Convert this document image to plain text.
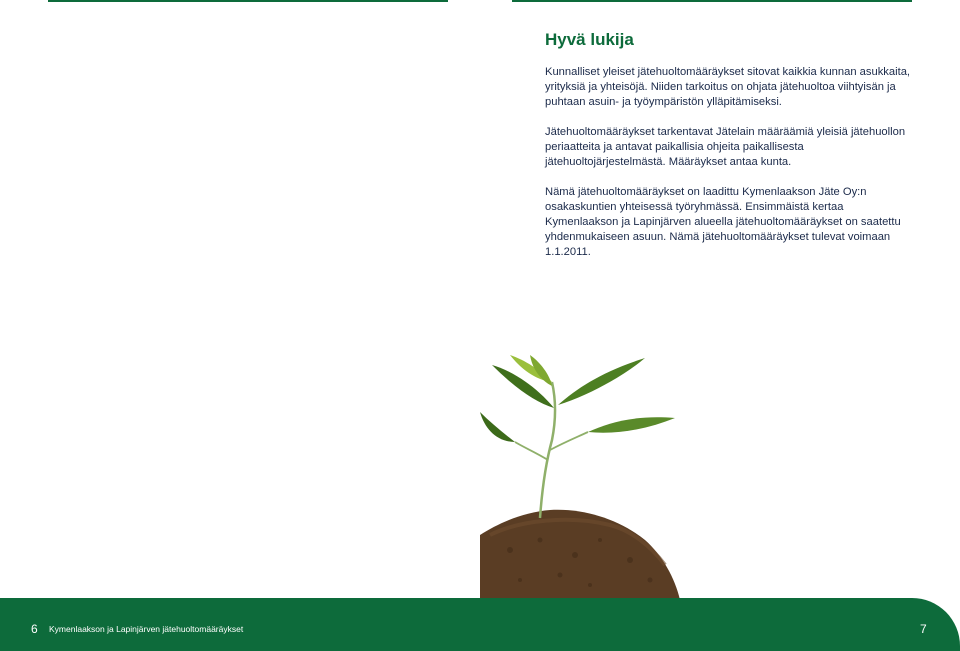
Hyvä lukija

Kunnalliset yleiset jätehuoltomääräykset sitovat kaikkia kunnan asukkaita, yrityksiä ja yhteisöjä. Niiden tarkoitus on ohjata jätehuoltoa viihtyisän ja puhtaan asuin- ja työympäristön ylläpitämiseksi.

Jätehuoltomääräykset tarkentavat Jätelain määräämiä yleisiä jätehuollon periaatteita ja antavat paikallisia ohjeita paikallisesta jätehuoltojärjestelmästä. Määräykset antaa kunta.

Nämä jätehuoltomääräykset on laadittu Kymenlaakson Jäte Oy:n osakaskuntien yhteisessä työryhmässä. Ensimmäistä kertaa Kymenlaakson ja Lapinjärven alueella jätehuoltomääräykset on saatettu yhdenmukaiseen asuun. Nämä jätehuoltomääräykset tulevat voimaan 1.1.2011.

6 Kymenlaakson ja Lapinjärven jätehuoltomääräykset	7
